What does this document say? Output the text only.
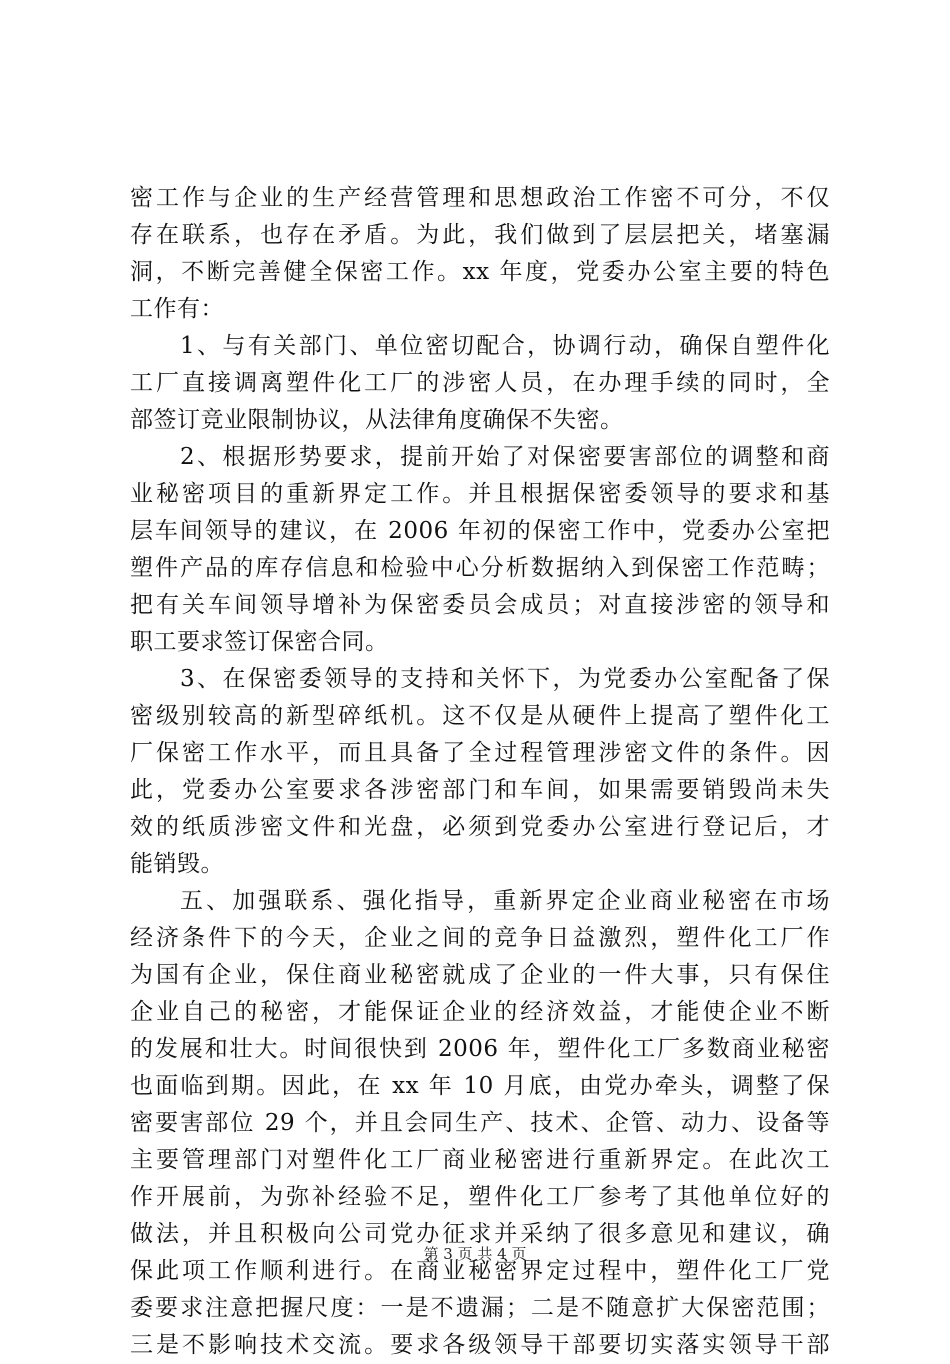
密工作与企业的生产经营管理和思想政治工作密不可分，不仅
存在联系，也存在矛盾。为此，我们做到了层层把关，堵塞漏
洞，不断完善健全保密工作。xx 年度，党委办公室主要的特色
工作有：
1、与有关部门、单位密切配合，协调行动，确保自塑件化
工厂直接调离塑件化工厂的涉密人员，在办理手续的同时，全
部签订竞业限制协议，从法律角度确保不失密。
2、根据形势要求，提前开始了对保密要害部位的调整和商
业秘密项目的重新界定工作。并且根据保密委领导的要求和基
层车间领导的建议，在 2006 年初的保密工作中，党委办公室把
塑件产品的库存信息和检验中心分析数据纳入到保密工作范畴；
把有关车间领导增补为保密委员会成员；对直接涉密的领导和
职工要求签订保密合同。
3、在保密委领导的支持和关怀下，为党委办公室配备了保
密级别较高的新型碎纸机。这不仅是从硬件上提高了塑件化工
厂保密工作水平，而且具备了全过程管理涉密文件的条件。因
此，党委办公室要求各涉密部门和车间，如果需要销毁尚未失
效的纸质涉密文件和光盘，必须到党委办公室进行登记后，才
能销毁。
五、加强联系、强化指导，重新界定企业商业秘密在市场
经济条件下的今天，企业之间的竞争日益激烈，塑件化工厂作
为国有企业，保住商业秘密就成了企业的一件大事，只有保住
企业自己的秘密，才能保证企业的经济效益，才能使企业不断
的发展和壮大。时间很快到 2006 年，塑件化工厂多数商业秘密
也面临到期。因此，在 xx 年 10 月底，由党办牵头，调整了保
密要害部位 29 个，并且会同生产、技术、企管、动力、设备等
主要管理部门对塑件化工厂商业秘密进行重新界定。在此次工
作开展前，为弥补经验不足，塑件化工厂参考了其他单位好的
做法，并且积极向公司党办征求并采纳了很多意见和建议，确
保此项工作顺利进行。在商业秘密界定过程中，塑件化工厂党
委要求注意把握尺度：一是不遗漏；二是不随意扩大保密范围；
三是不影响技术交流。要求各级领导干部要切实落实领导干部
第 3 页 共 4 页
